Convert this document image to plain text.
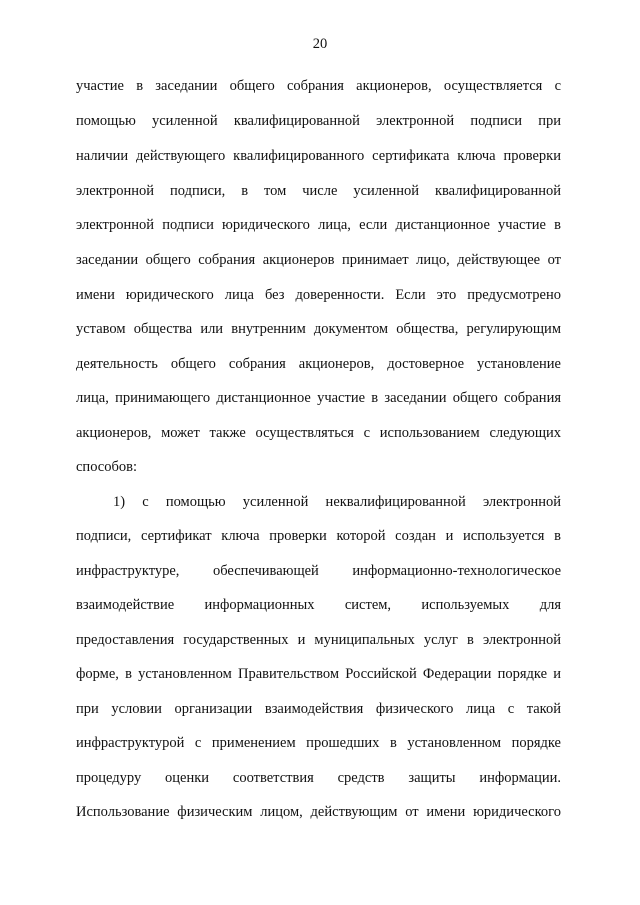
20
участие в заседании общего собрания акционеров, осуществляется с
помощью усиленной квалифицированной электронной подписи при
наличии действующего квалифицированного сертификата ключа проверки
электронной подписи, в том числе усиленной квалифицированной
электронной подписи юридического лица, если дистанционное участие в
заседании общего собрания акционеров принимает лицо, действующее от
имени юридического лица без доверенности. Если это предусмотрено
уставом общества или внутренним документом общества, регулирующим
деятельность общего собрания акционеров, достоверное установление
лица, принимающего дистанционное участие в заседании общего собрания
акционеров, может также осуществляться с использованием следующих
способов:
1) с помощью усиленной неквалифицированной электронной
подписи, сертификат ключа проверки которой создан и используется в
инфраструктуре, обеспечивающей информационно-технологическое
взаимодействие информационных систем, используемых для
предоставления государственных и муниципальных услуг в электронной
форме, в установленном Правительством Российской Федерации порядке и
при условии организации взаимодействия физического лица с такой
инфраструктурой с применением прошедших в установленном порядке
процедуру оценки соответствия средств защиты информации.
Использование физическим лицом, действующим от имени юридического
